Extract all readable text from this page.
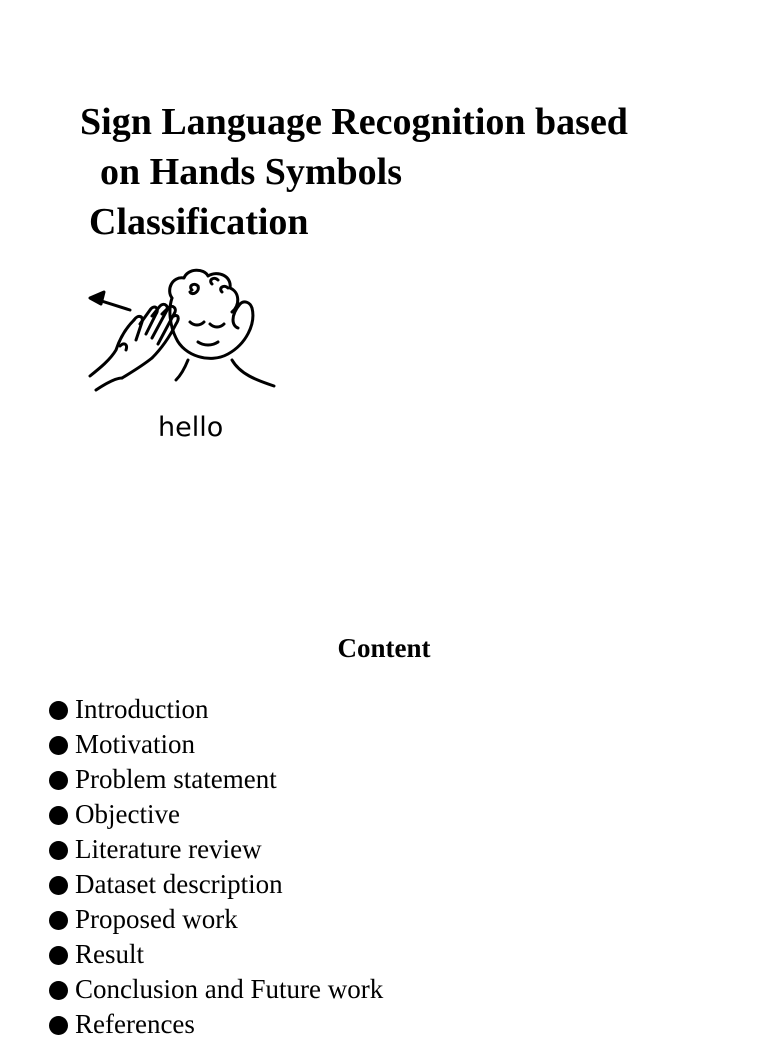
Sign Language Recognition based
on Hands Symbols
Classification
hello
Content
Introduction
Motivation
Problem statement
Objective
Literature review
Dataset description
Proposed work
Result
Conclusion and Future work
References
